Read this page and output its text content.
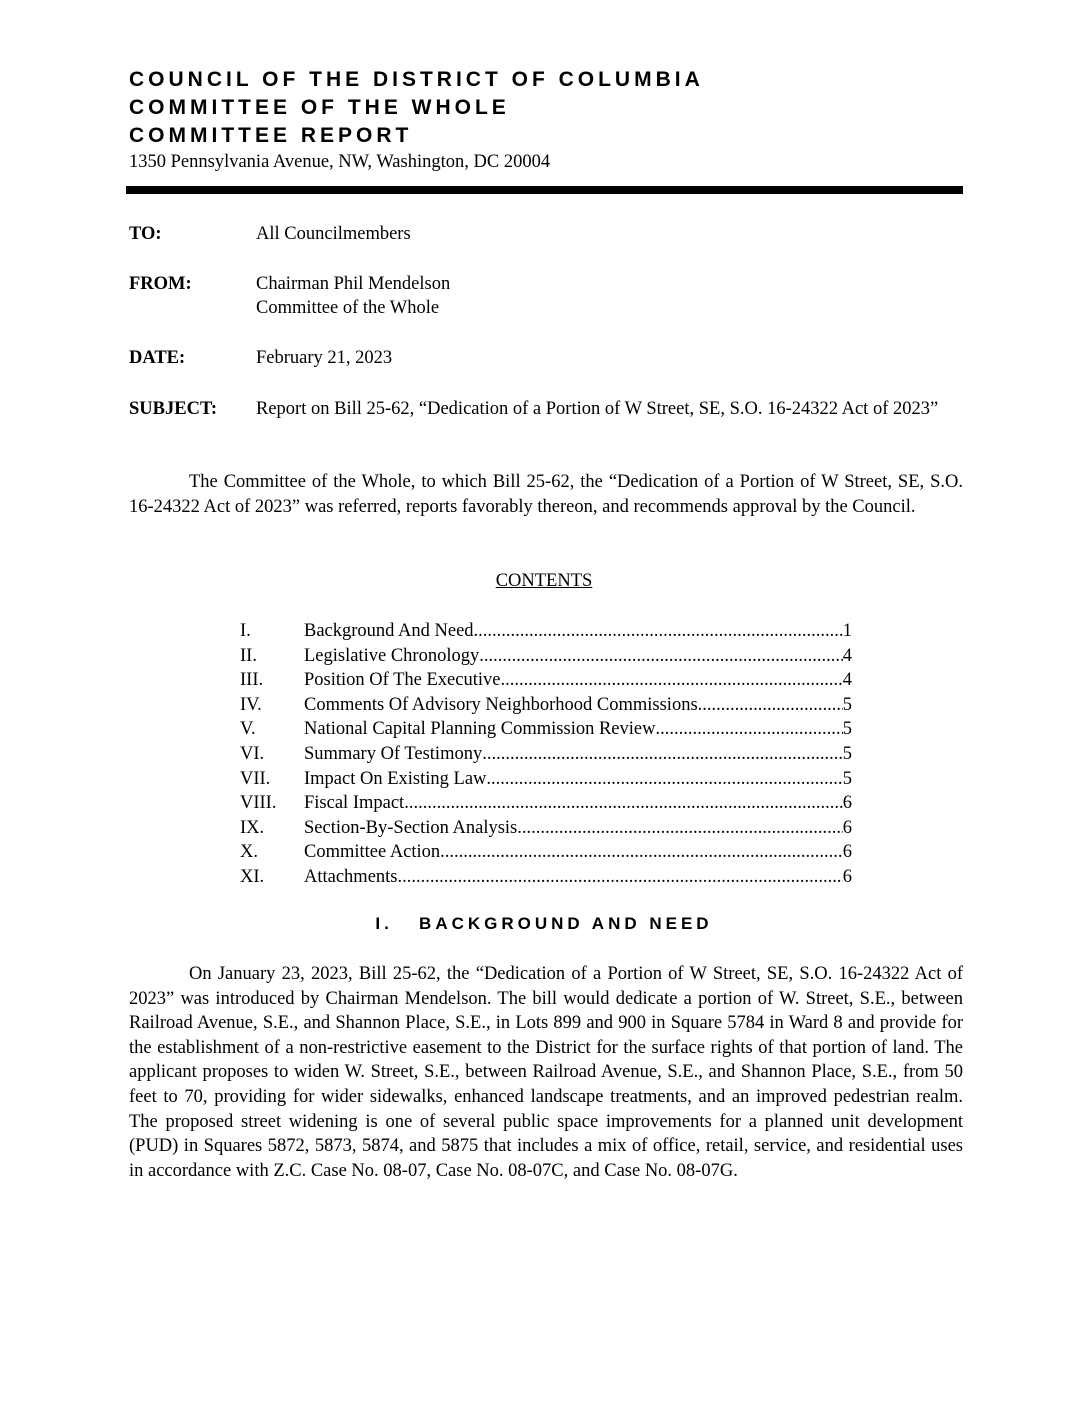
COUNCIL OF THE DISTRICT OF COLUMBIA
COMMITTEE OF THE WHOLE
COMMITTEE REPORT
1350 Pennsylvania Avenue, NW, Washington, DC 20004
TO:	All Councilmembers
FROM:	Chairman Phil Mendelson
Committee of the Whole
DATE:	February 21, 2023
SUBJECT: Report on Bill 25-62, “Dedication of a Portion of W Street, SE, S.O. 16-24322 Act of 2023”
The Committee of the Whole, to which Bill 25-62, the “Dedication of a Portion of W Street, SE, S.O. 16-24322 Act of 2023” was referred, reports favorably thereon, and recommends approval by the Council.
CONTENTS
I.	Background And Need .....	1
II.	Legislative Chronology .....	4
III. Position Of The Executive .....	4
IV. Comments Of Advisory Neighborhood Commissions .....	5
V.	National Capital Planning Commission Review .....	5
VI. Summary Of Testimony .....	5
VII. Impact On Existing Law .....	5
VIII. Fiscal Impact .....	6
IX. Section-By-Section Analysis .....	6
X. Committee Action .....	6
XI. Attachments .....	6
I.   BACKGROUND AND NEED
On January 23, 2023, Bill 25-62, the “Dedication of a Portion of W Street, SE, S.O. 16-24322 Act of 2023” was introduced by Chairman Mendelson. The bill would dedicate a portion of W. Street, S.E., between Railroad Avenue, S.E., and Shannon Place, S.E., in Lots 899 and 900 in Square 5784 in Ward 8 and provide for the establishment of a non-restrictive easement to the District for the surface rights of that portion of land. The applicant proposes to widen W. Street, S.E., between Railroad Avenue, S.E., and Shannon Place, S.E., from 50 feet to 70, providing for wider sidewalks, enhanced landscape treatments, and an improved pedestrian realm. The proposed street widening is one of several public space improvements for a planned unit development (PUD) in Squares 5872, 5873, 5874, and 5875 that includes a mix of office, retail, service, and residential uses in accordance with Z.C. Case No. 08-07, Case No. 08-07C, and Case No. 08-07G.
